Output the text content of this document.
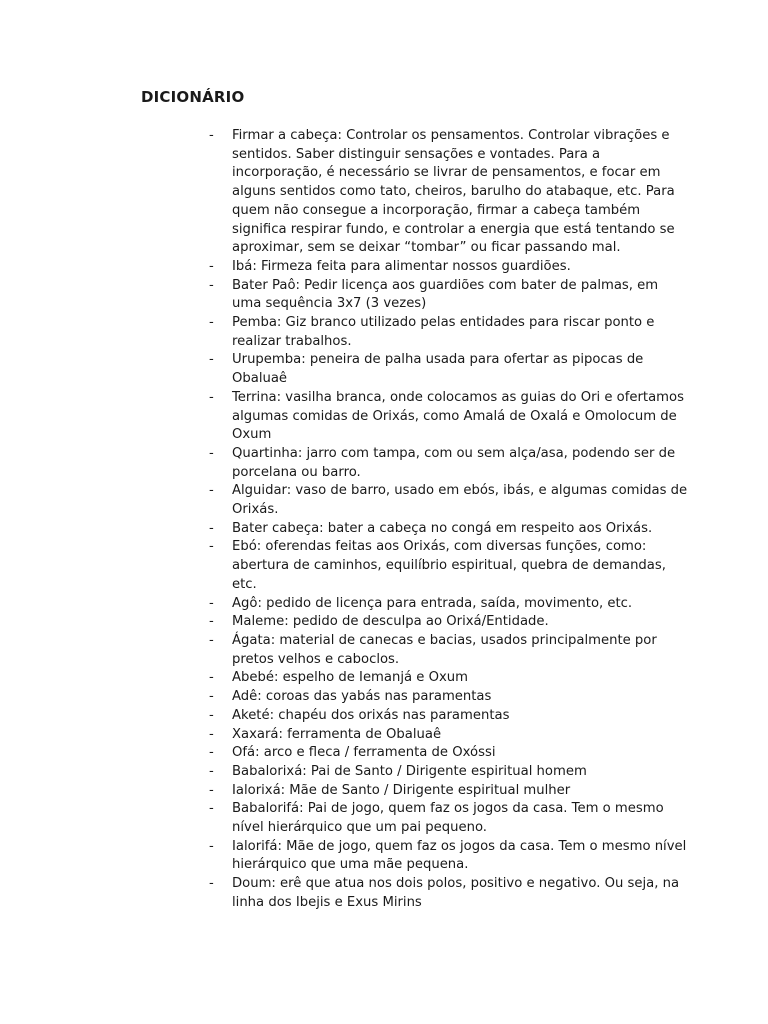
DICIONÁRIO
- Firmar a cabeça: Controlar os pensamentos. Controlar vibrações e sentidos. Saber distinguir sensações e vontades. Para a incorporação, é necessário se livrar de pensamentos, e focar em alguns sentidos como tato, cheiros, barulho do atabaque, etc. Para quem não consegue a incorporação, firmar a cabeça também significa respirar fundo, e controlar a energia que está tentando se aproximar, sem se deixar “tombar” ou ficar passando mal.
- Ibá: Firmeza feita para alimentar nossos guardiões.
- Bater Paô: Pedir licença aos guardiões com bater de palmas, em uma sequência 3x7 (3 vezes)
- Pemba: Giz branco utilizado pelas entidades para riscar ponto e realizar trabalhos.
- Urupemba: peneira de palha usada para ofertar as pipocas de Obaluaê
- Terrina: vasilha branca, onde colocamos as guias do Ori e ofertamos algumas comidas de Orixás, como Amalá de Oxalá e Omolocum de Oxum
- Quartinha: jarro com tampa, com ou sem alça/asa, podendo ser de porcelana ou barro.
- Alguidar: vaso de barro, usado em ebós, ibás, e algumas comidas de Orixás.
- Bater cabeça: bater a cabeça no congá em respeito aos Orixás.
- Ebó: oferendas feitas aos Orixás, com diversas funções, como: abertura de caminhos, equilíbrio espiritual, quebra de demandas, etc.
- Agô: pedido de licença para entrada, saída, movimento, etc.
- Maleme: pedido de desculpa ao Orixá/Entidade.
- Ágata: material de canecas e bacias, usados principalmente por pretos velhos e caboclos.
- Abebé: espelho de Iemanjá e Oxum
- Adê: coroas das yabás nas paramentas
- Aketé: chapéu dos orixás nas paramentas
- Xaxará: ferramenta de Obaluaê
- Ofá: arco e fleca / ferramenta de Oxóssi
- Babalorixá: Pai de Santo / Dirigente espiritual homem
- Ialorixá: Mãe de Santo / Dirigente espiritual mulher
- Babalorifá: Pai de jogo, quem faz os jogos da casa. Tem o mesmo nível hierárquico que um pai pequeno.
- Ialorifá: Mãe de jogo, quem faz os jogos da casa. Tem o mesmo nível hierárquico que uma mãe pequena.
- Doum: erê que atua nos dois polos, positivo e negativo. Ou seja, na linha dos Ibejis e Exus Mirins
